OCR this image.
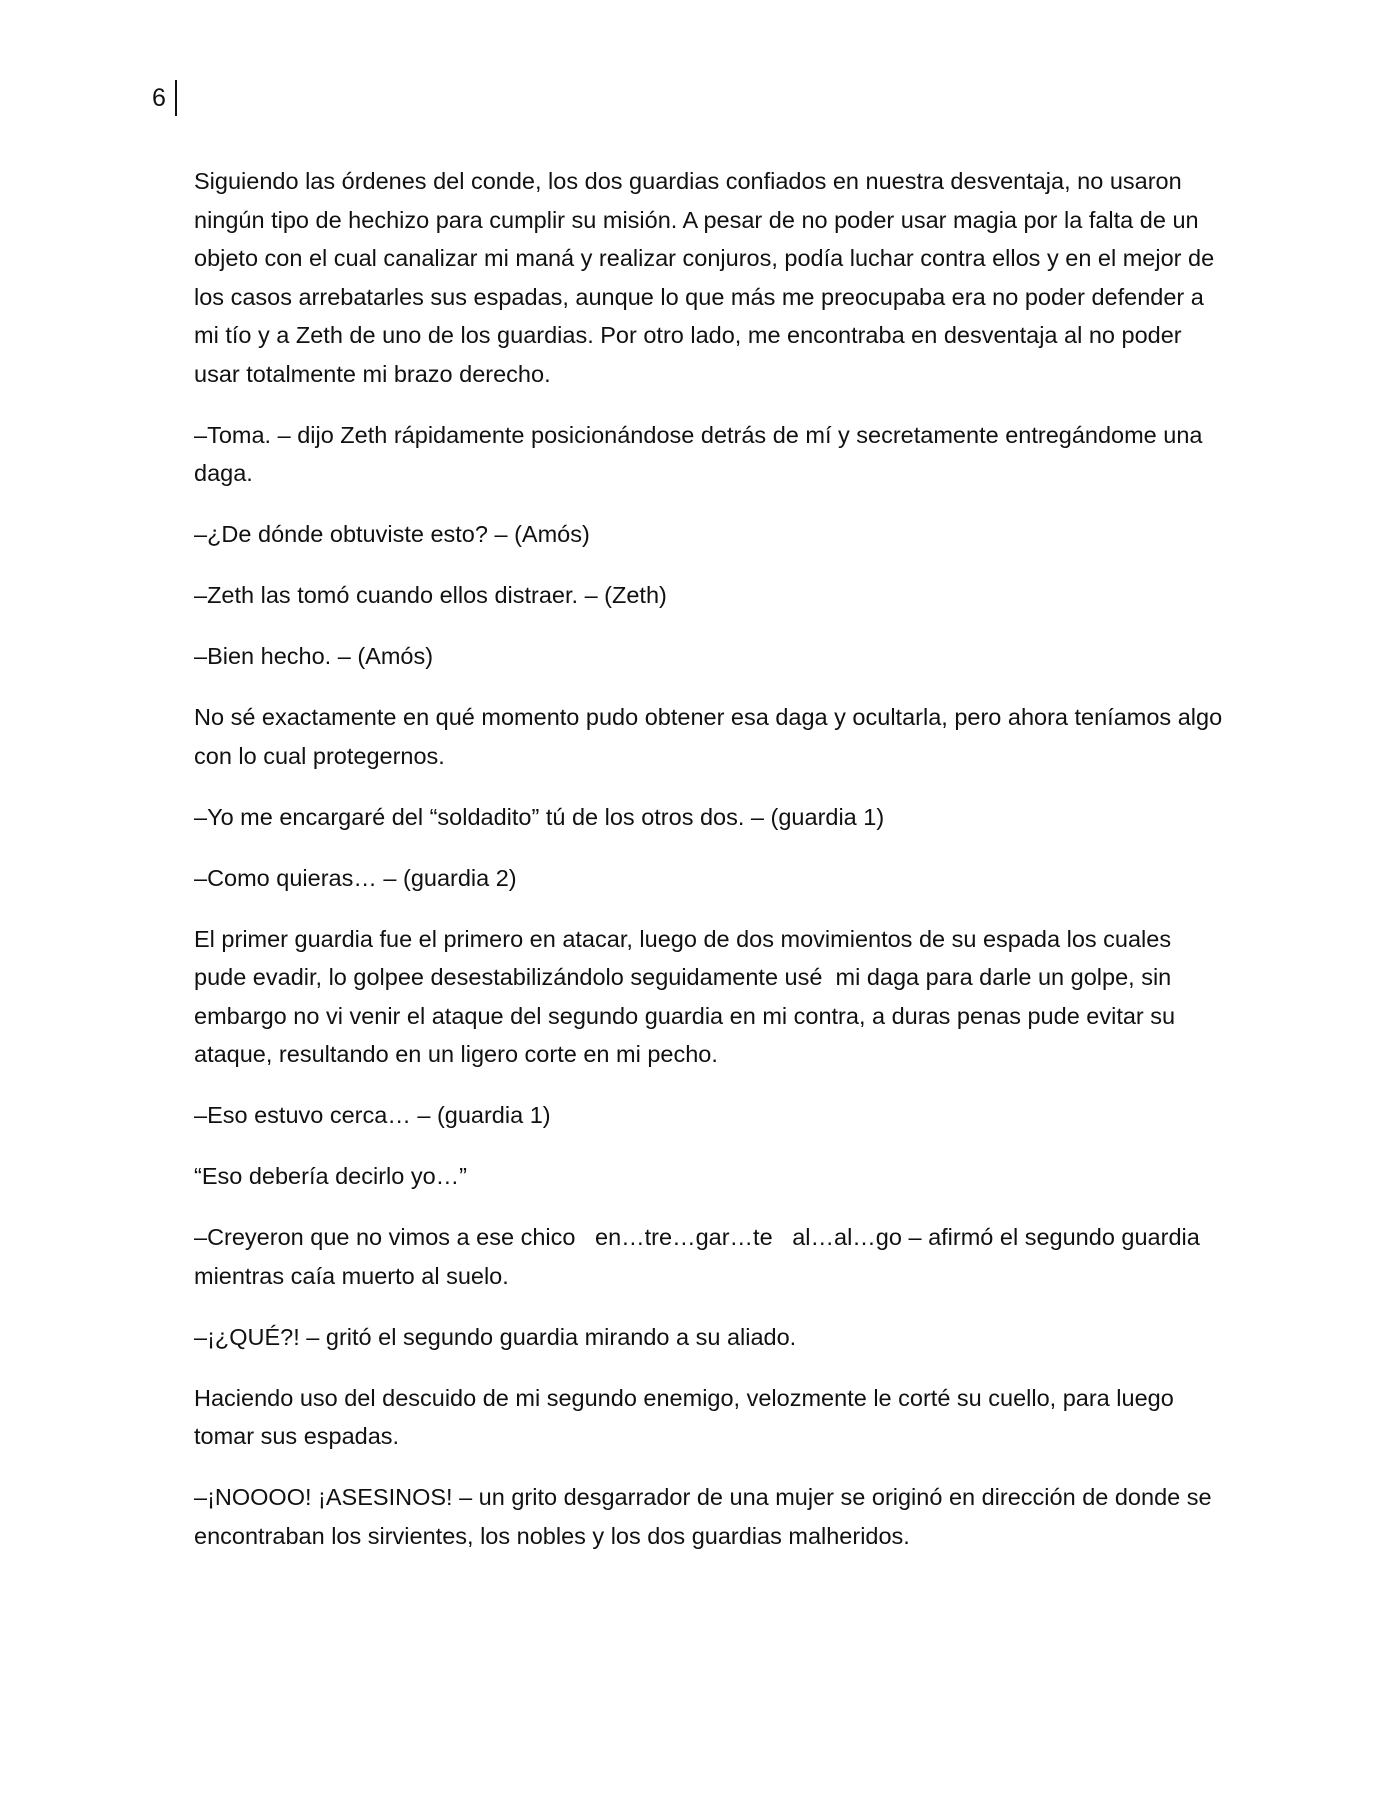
6

Siguiendo las órdenes del conde, los dos guardias confiados en nuestra desventaja, no usaron ningún tipo de hechizo para cumplir su misión. A pesar de no poder usar magia por la falta de un objeto con el cual canalizar mi maná y realizar conjuros, podía luchar contra ellos y en el mejor de los casos arrebatarles sus espadas, aunque lo que más me preocupaba era no poder defender a mi tío y a Zeth de uno de los guardias. Por otro lado, me encontraba en desventaja al no poder usar totalmente mi brazo derecho.

–Toma. – dijo Zeth rápidamente posicionándose detrás de mí y secretamente entregándome una daga.

–¿De dónde obtuviste esto? – (Amós)

–Zeth las tomó cuando ellos distraer. – (Zeth)

–Bien hecho. – (Amós)

No sé exactamente en qué momento pudo obtener esa daga y ocultarla, pero ahora teníamos algo con lo cual protegernos.

–Yo me encargaré del “soldadito” tú de los otros dos. – (guardia 1)

–Como quieras… – (guardia 2)

El primer guardia fue el primero en atacar, luego de dos movimientos de su espada los cuales pude evadir, lo golpee desestabilizándolo seguidamente usé  mi daga para darle un golpe, sin embargo no vi venir el ataque del segundo guardia en mi contra, a duras penas pude evitar su ataque, resultando en un ligero corte en mi pecho.

–Eso estuvo cerca… – (guardia 1)

“Eso debería decirlo yo…”

–Creyeron que no vimos a ese chico   en…tre…gar…te   al…al…go – afirmó el segundo guardia mientras caía muerto al suelo.

–¡¿QUÉ?! – gritó el segundo guardia mirando a su aliado.

Haciendo uso del descuido de mi segundo enemigo, velozmente le corté su cuello, para luego tomar sus espadas.

–¡NOOOO! ¡ASESINOS! – un grito desgarrador de una mujer se originó en dirección de donde se encontraban los sirvientes, los nobles y los dos guardias malheridos.
